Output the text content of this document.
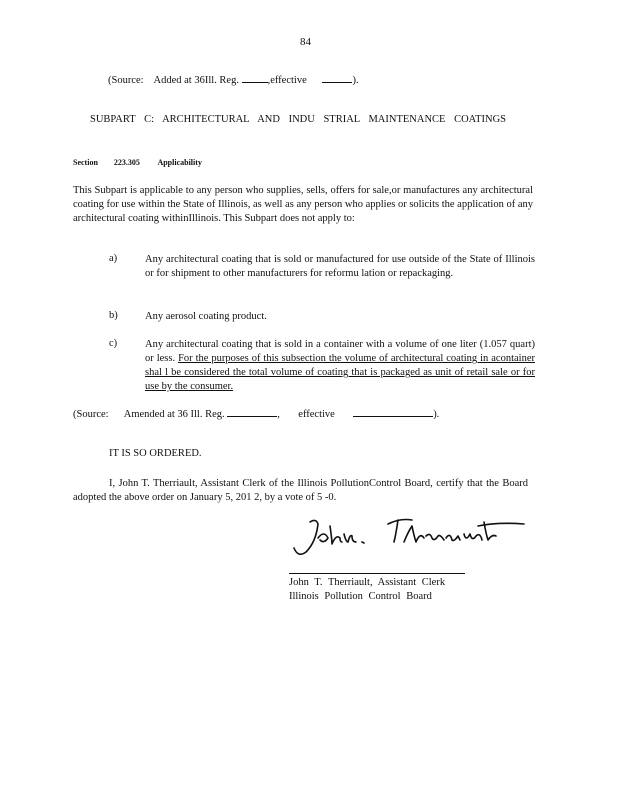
84
(Source: Added at 36Ill. Reg.	,effective	).
SUBPART C: ARCHITECTURAL AND INDU STRIAL MAINTENANCE COATINGS
Section 223.305 Applicability
This Subpart is applicable to any person who supplies, sells, offers for sale,or manufactures any architectural coating for use within the State of Illinois, as well as any person who applies or solicits the application of any architectural coating withinIllinois. This Subpart does not apply to:
a)	Any architectural coating that is sold or manufactured for use outside of the State of Illinois or for shipment to other manufacturers for reformu lation or repackaging.
b)	Any aerosol coating product.
c)	Any architectural coating that is sold in a container with a volume of one liter (1.057 quart) or less. For the purposes of this subsection the volume of architectural coating in acontainer shal l be considered the total volume of coating that is packaged as unit of retail sale or for use by the consumer.
(Source: Amended at 36 Ill. Reg.	, effective	).
IT IS SO ORDERED.
I, John T. Therriault, Assistant Clerk of the Illinois PollutionControl Board, certify that the Board adopted the above order on January 5, 201 2, by a vote of 5 -0.
John T. Therriault, Assistant Clerk
Illinois Pollution Control Board
